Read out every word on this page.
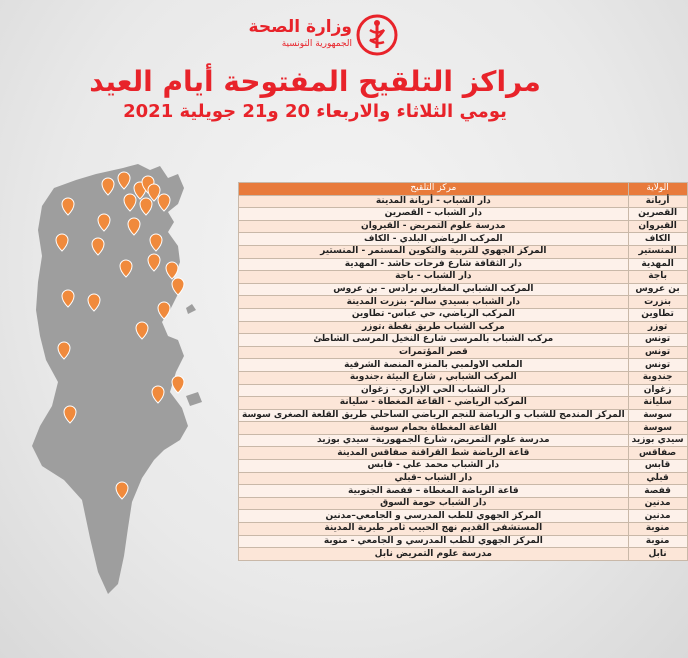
وزارة الصحة
الجمهورية التونسية
مراكز التلقيح المفتوحة أيام العيد
يومي الثلاثاء والاربعاء 20 و21 جويلية 2021
الولاية	مركز التلقيح
أريانة	دار الشباب - أريانة المدينة
القصرين	دار الشباب – القصرين
القيروان	مدرسة علوم التمريض - القيروان
الكاف	المركب الرياضي البلدي - الكاف
المنستير	المركز الجهوي للتربية والتكوين المستمر - المنستير
المهدية	دار الثقافة شارع فرحات حاشد - المهدية
باجة	دار الشباب - باجة
بن عروس	المركب الشبابي المغاربي برادس – بن عروس
بنزرت	دار الشباب بسيدي سالم- بنزرت المدينة
تطاوين	المركب الرياضي، حي عباس- تطاوين
توزر	مركب الشباب طريق نفطة ،توزر
تونس	مركب الشباب بالمرسى شارع النخيل المرسى الشاطئ
تونس	قصر المؤتمرات
تونس	الملعب الاولمبي بالمنزه المنصة الشرفية
جندوبة	المركب الشبابي , شارع البيئة ،جندوبة
زغوان	دار الشباب الحي الإداري - زغوان
سليانة	المركب الرياضي - القاعة المغطاة - سليانة
سوسة	المركز المندمج للشباب و الرياضة للنجم الرياضي الساحلي طريق القلعة الصغرى سوسة
سوسة	القاعة المغطاة بحمام سوسة
سيدي بوزيد	مدرسة علوم التمريض، شارع الجمهورية- سيدي بوزيد
صفاقس	قاعة الرياضة شط القراقنة صفاقس المدينة
قابس	دار الشباب محمد علي - قابس
قبلي	دار الشباب –قبلي
قفصة	قاعة الرياضة المغطاة – قفصة الجنوبية
مدنين	دار الشباب حومة السوق
مدنين	المركز الجهوي للطب المدرسي و الجامعي–مدنين
منوبة	المستشفى القديم نهج الحبيب ثامر طبربة المدينة
منوبة	المركز الجهوي للطب المدرسي و الجامعي - منوبة
نابل	مدرسة علوم التمريض نابل
